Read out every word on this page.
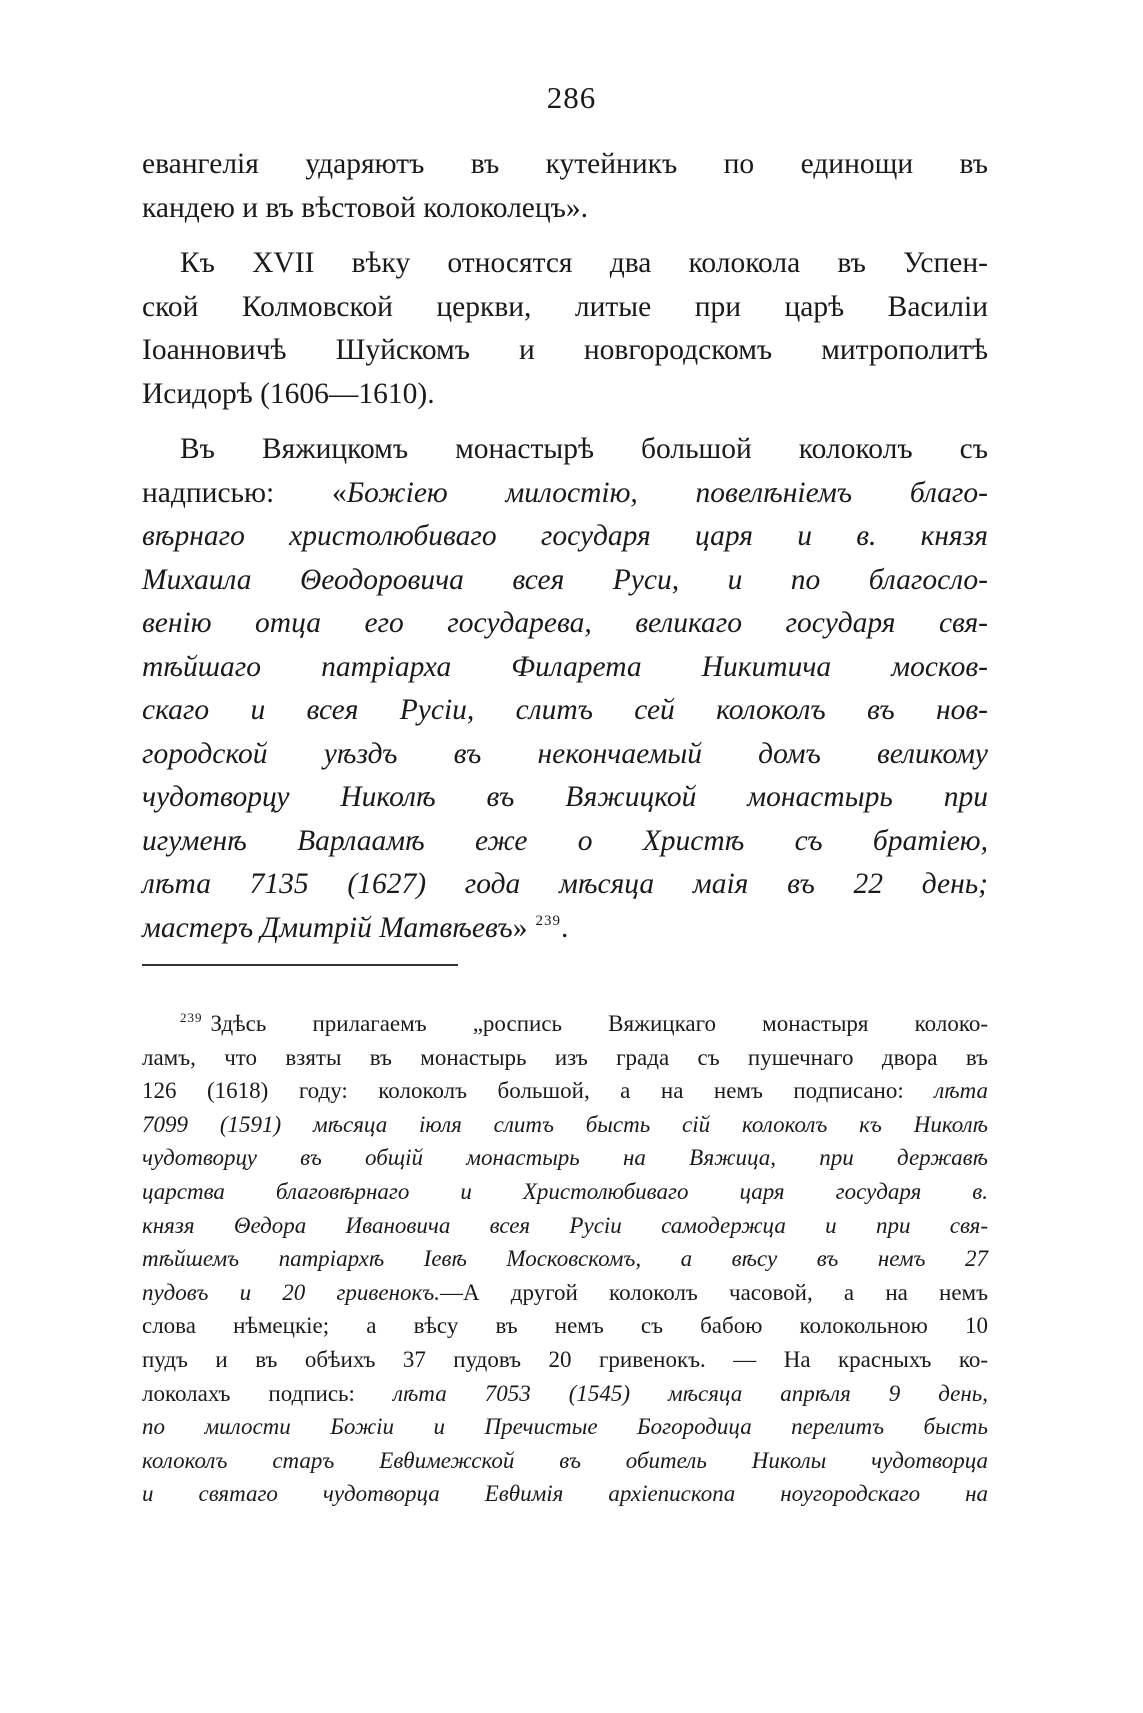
286
евангелія ударяютъ въ кутейникъ по единощи въ
кандею и въ вѣстовой колоколецъ».
Къ XVII вѣку относятся два колокола въ Успен-
ской Колмовской церкви, литые при царѣ Василіи
Іоанновичѣ Шуйскомъ и новгородскомъ митрополитѣ
Исидорѣ (1606—1610).
Въ Вяжицкомъ монастырѣ большой колоколъ съ
надписью: «Божіею милостію, повелѣніемъ благо-
вѣрнаго христолюбиваго государя царя и в. князя
Михаила Θеодоровича всея Руси, и по благосло-
венію отца его государева, великаго государя свя-
тѣйшаго патріарха Филарета Никитича москов-
скаго и всея Русіи, слитъ сей колоколъ въ нов-
городской уѣздъ въ некончаемый домъ великому
чудотворцу Николѣ въ Вяжицкой монастырь при
игуменѣ Варлаамѣ еже о Христѣ съ братіею,
лѣта 7135 (1627) года мѣсяца маія въ 22 день;
мастеръ Дмитрій Матвѣевъ» $^{239}$.
$^{239}$ Здѣсь прилагаемъ „роспись Вяжицкаго монастыря колоко-
ламъ, что взяты въ монастырь изъ града съ пушечнаго двора въ
126 (1618) году: колоколъ большой, а на немъ подписано: лѣта
7099 (1591) мѣсяца іюля слитъ бысть сій колоколъ къ Николѣ
чудотворцу въ общій монастырь на Вяжица, при державѣ
царства благовѣрнаго и Христолюбиваго царя государя в.
князя Θедора Ивановича всея Русіи самодержца и при свя-
тѣйшемъ патріархѣ Іевѣ Московскомъ, а вѣсу въ немъ 27
пудовъ и 20 гривенокъ.—А другой колоколъ часовой, а на немъ
слова нѣмецкіе; а вѣсу въ немъ съ бабою колокольною 10
пудъ и въ обѣихъ 37 пудовъ 20 гривенокъ. — На красныхъ ко-
локолахъ подпись: лѣта 7053 (1545) мѣсяца апрѣля 9 день,
по милости Божіи и Пречистые Богородица перелитъ бысть
колоколъ старъ Евθимежской въ обитель Николы чудотворца
и святаго чудотворца Евθимія архіепископа ноугородскаго на
